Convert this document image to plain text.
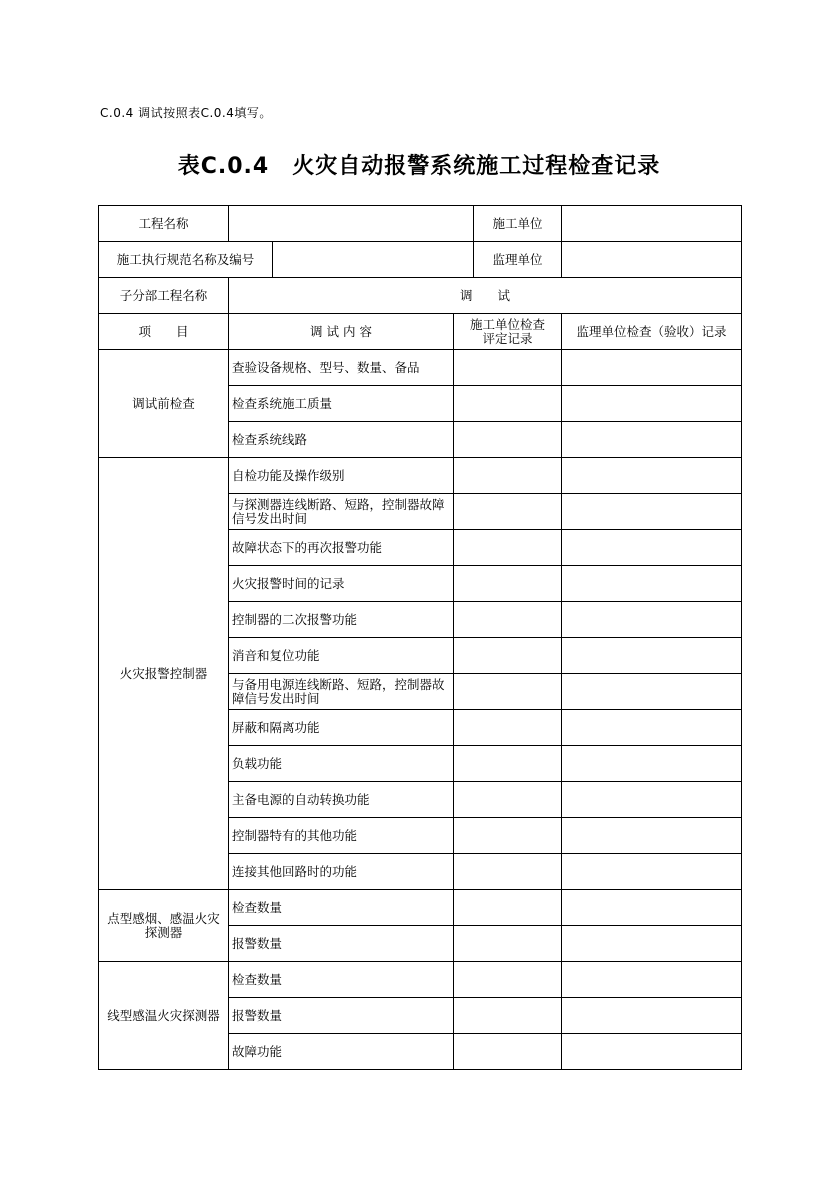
C.0.4 调试按照表C.0.4填写。
表C.0.4　火灾自动报警系统施工过程检查记录
工程名称				施工单位	
施工执行规范名称及编号				监理单位	
子分部工程名称	调　　试				
项　　目	调 试 内 容		施工单位检查评定记录		监理单位检查（验收）记录
调试前检查	查验设备规格、型号、数量、备品				
	检查系统施工质量				
	检查系统线路				
火灾报警控制器	自检功能及操作级别				
	与探测器连线断路、短路，控制器故障信号发出时间				
	故障状态下的再次报警功能				
	火灾报警时间的记录				
	控制器的二次报警功能				
	消音和复位功能				
	与备用电源连线断路、短路，控制器故障信号发出时间				
	屏蔽和隔离功能				
	负载功能				
	主备电源的自动转换功能				
	控制器特有的其他功能				
	连接其他回路时的功能				
点型感烟、感温火灾探测器	检查数量				
	报警数量				
线型感温火灾探测器	检查数量				
	报警数量				
	故障功能				
